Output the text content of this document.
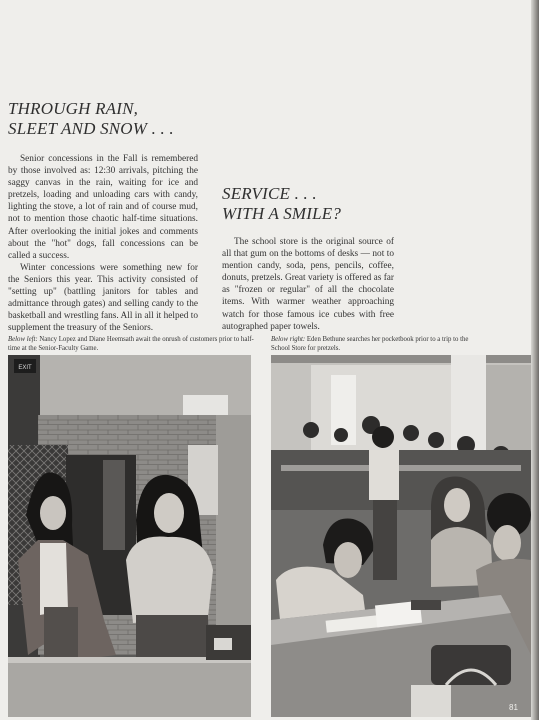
THROUGH RAIN,
SLEET AND SNOW . . .

Senior concessions in the Fall is remembered by those involved as: 12:30 arrivals, pitching the saggy canvas in the rain, waiting for ice and pretzels, loading and unloading cars with candy, lighting the stove, a lot of rain and of course mud, not to mention those chaotic half-time situations. After overlooking the initial jokes and comments about the "hot" dogs, fall concessions can be called a success.

Winter concessions were something new for the Seniors this year. This activity consisted of "setting up" (battling janitors for tables and admittance through gates) and selling candy to the basketball and wrestling fans. All in all it helped to supplement the treasury of the Seniors.

SERVICE . . .
WITH A SMILE?

The school store is the original source of all that gum on the bottoms of desks — not to mention candy, soda, pens, pencils, coffee, donuts, pretzels. Great variety is offered as far as "frozen or regular" of all the chocolate items. With warmer weather approaching watch for those famous ice cubes with free autographed paper towels.

Below left: Nancy Lopez and Diane Heemsath await the onrush of customers prior to half-time at the Senior-Faculty Game.
Below right: Eden Bethune searches her pocketbook prior to a trip to the School Store for pretzels.
EXIT
81
